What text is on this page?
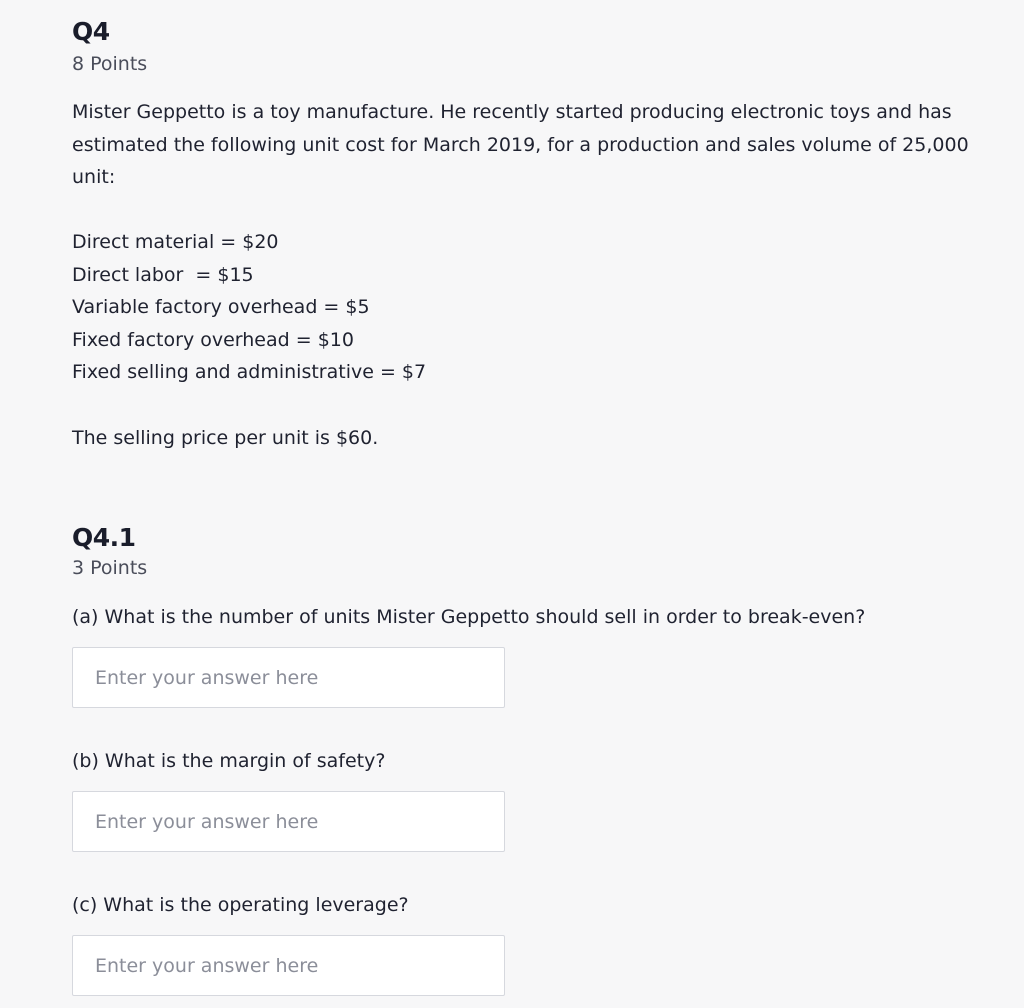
Q4
8 Points
Mister Geppetto is a toy manufacture. He recently started producing electronic toys and has
estimated the following unit cost for March 2019, for a production and sales volume of 25,000
unit:
Direct material = $20
Direct labor  = $15
Variable factory overhead = $5
Fixed factory overhead = $10
Fixed selling and administrative = $7
The selling price per unit is $60.
Q4.1
3 Points
(a) What is the number of units Mister Geppetto should sell in order to break-even?
Enter your answer here
(b) What is the margin of safety?
Enter your answer here
(c) What is the operating leverage?
Enter your answer here
